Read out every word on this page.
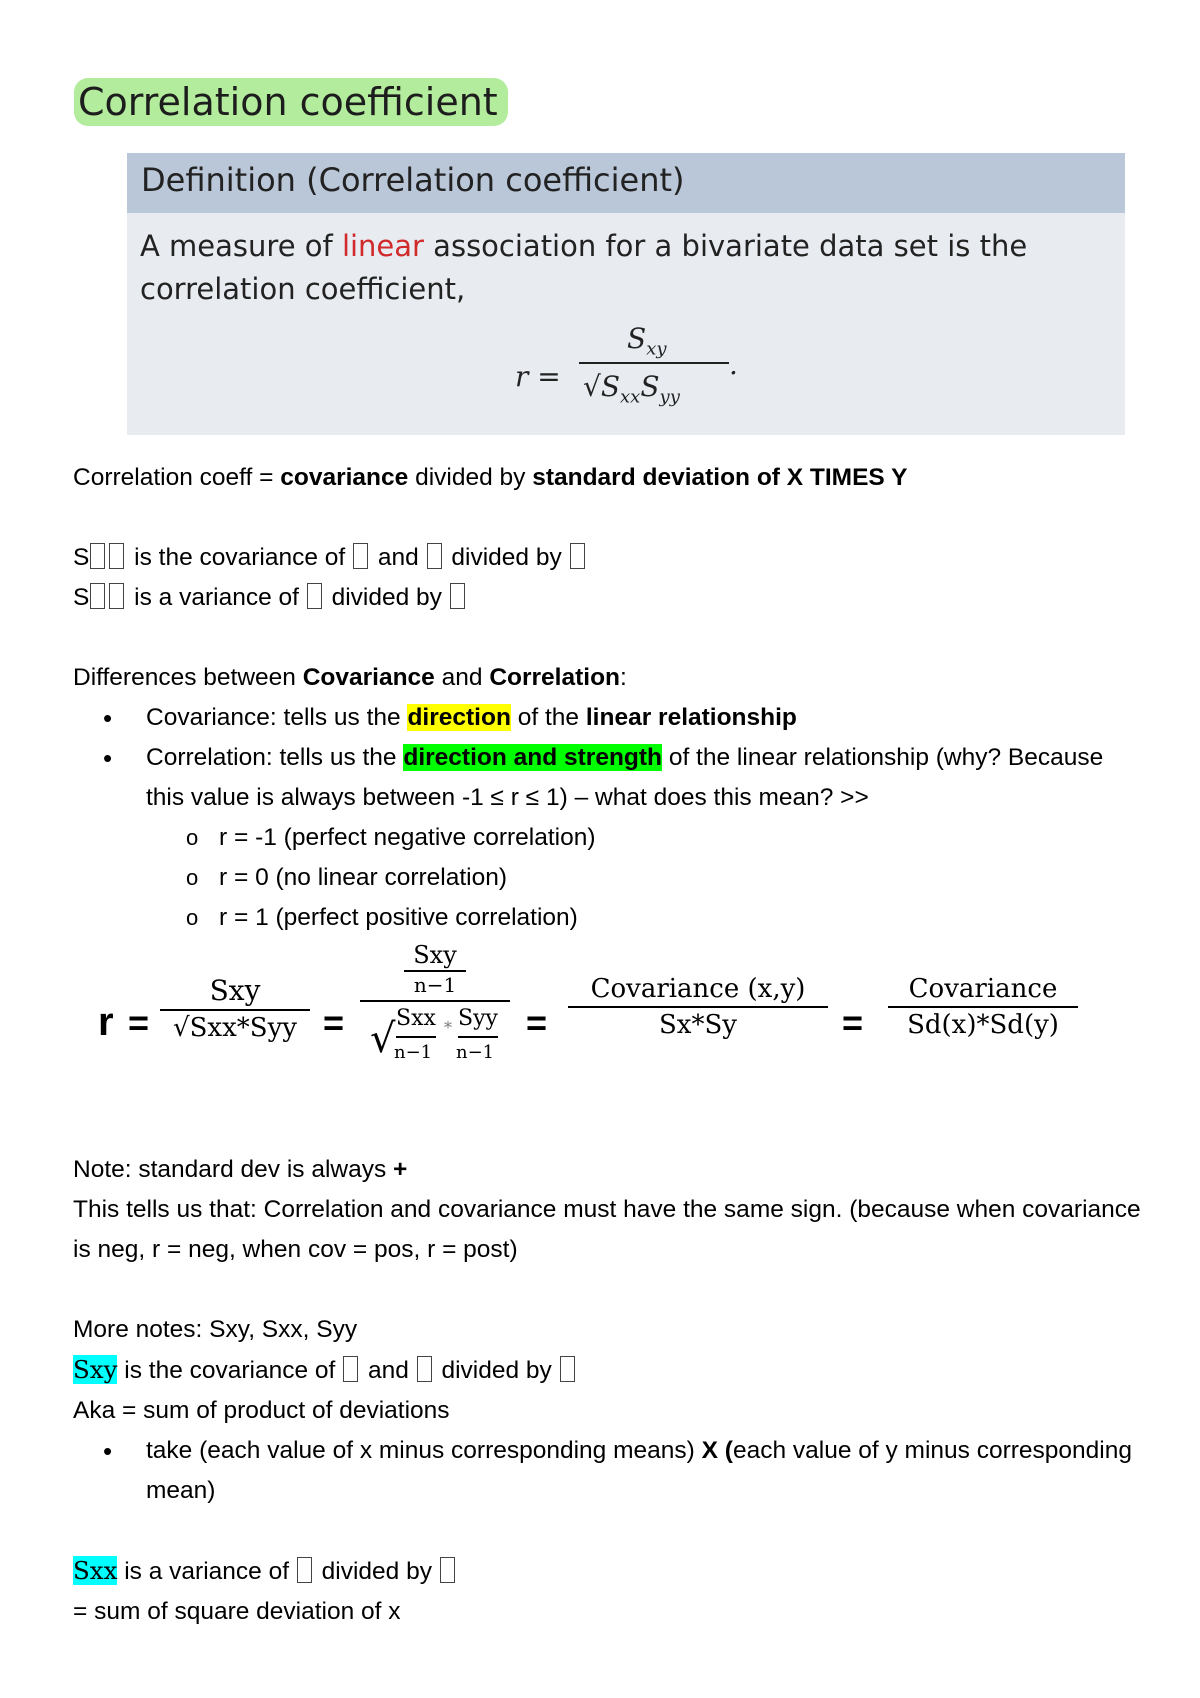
Correlation coefficient
Definition (Correlation coefficient)
A measure of linear association for a bivariate data set is the correlation coefficient,
r =
$S_{xy}$
$√S_{xx}S_{yy}$
.
Correlation coeff = covariance divided by standard deviation of X TIMES Y
S is the covariance of and divided by
S is a variance of divided by
Differences between Covariance and Correlation:
• Covariance: tells us the direction of the linear relationship
• Correlation: tells us the direction and strength of the linear relationship (why? Because this value is always between -1 ≤ r ≤ 1) – what does this mean? >>
o r = -1 (perfect negative correlation)
o r = 0 (no linear correlation)
o r = 1 (perfect positive correlation)
r =
Sxy
√Sxx*Syy =
Sxy
n−1
√ Sxx * Syy
n−1 n−1
=
Covariance (x,y)
Sx*Sy	=
Covariance
Sd(x)*Sd(y)
Note: standard dev is always +
This tells us that: Correlation and covariance must have the same sign. (because when covariance is neg, r = neg, when cov = pos, r = post)
More notes: Sxy, Sxx, Syy
Sxy is the covariance of  and  divided by
Aka = sum of product of deviations
• take (each value of x minus corresponding means) X (each value of y minus corresponding mean)
Sxx is a variance of  divided by
= sum of square deviation of x
